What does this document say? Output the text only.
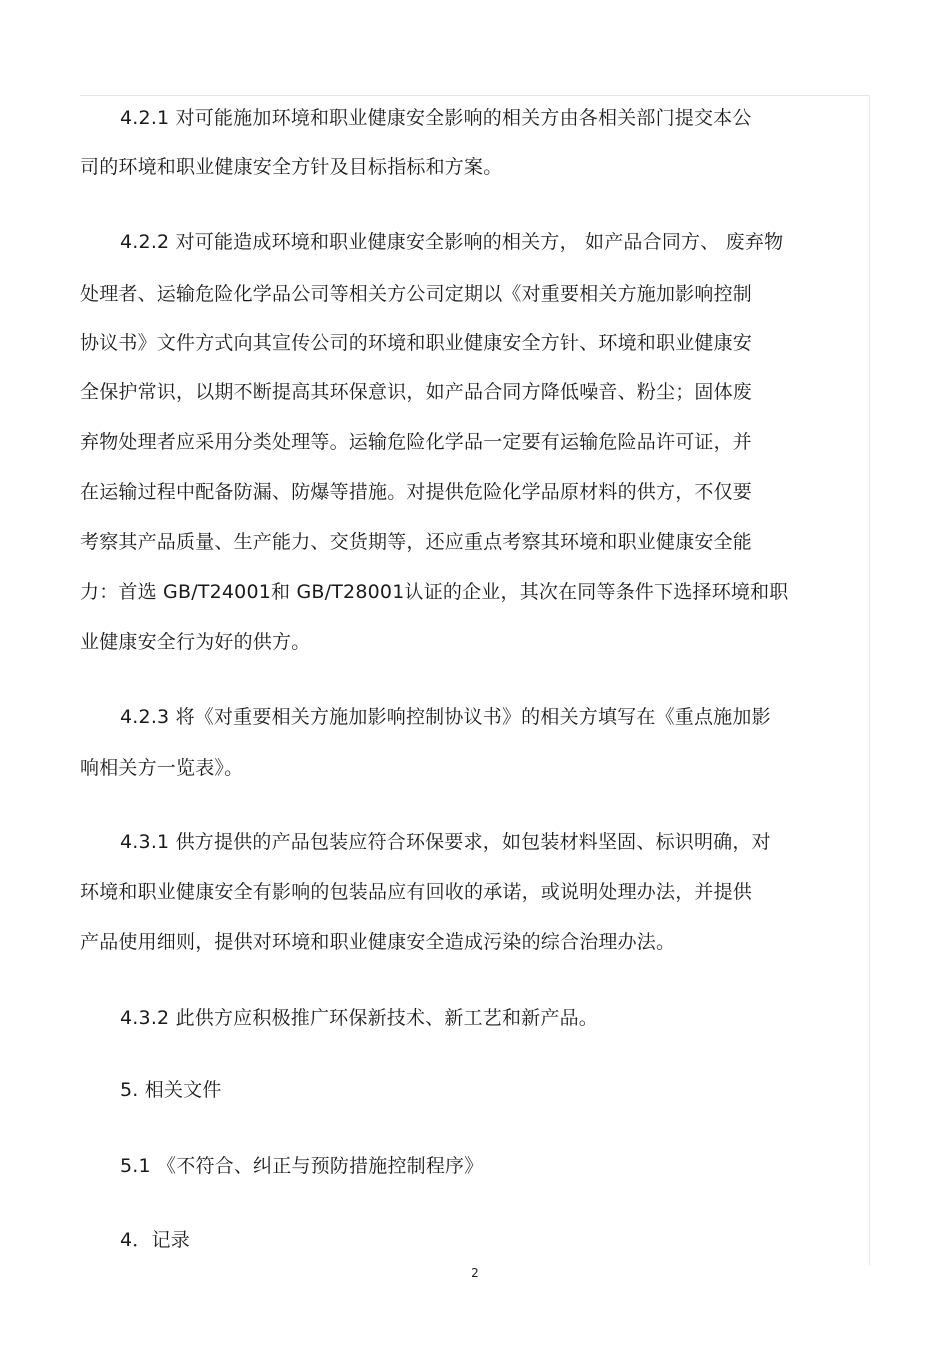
4.2.1 对可能施加环境和职业健康安全影响的相关方由各相关部门提交本公
司的环境和职业健康安全方针及目标指标和方案。
4.2.2 对可能造成环境和职业健康安全影响的相关方， 如产品合同方、 废弃物
处理者、运输危险化学品公司等相关方公司定期以《对重要相关方施加影响控制
协议书》文件方式向其宣传公司的环境和职业健康安全方针、环境和职业健康安
全保护常识，以期不断提高其环保意识，如产品合同方降低噪音、粉尘；固体废
弃物处理者应采用分类处理等。运输危险化学品一定要有运输危险品许可证，并
在运输过程中配备防漏、防爆等措施。对提供危险化学品原材料的供方，不仅要
考察其产品质量、生产能力、交货期等，还应重点考察其环境和职业健康安全能
力：首选 GB/T24001和 GB/T28001认证的企业，其次在同等条件下选择环境和职
业健康安全行为好的供方。
4.2.3 将《对重要相关方施加影响控制协议书》的相关方填写在《重点施加影
响相关方一览表》。
4.3.1 供方提供的产品包装应符合环保要求，如包装材料坚固、标识明确，对
环境和职业健康安全有影响的包装品应有回收的承诺，或说明处理办法，并提供
产品使用细则，提供对环境和职业健康安全造成污染的综合治理办法。
4.3.2 此供方应积极推广环保新技术、新工艺和新产品。
5. 相关文件
5.1 《不符合、纠正与预防措施控制程序》
4．记录
2
